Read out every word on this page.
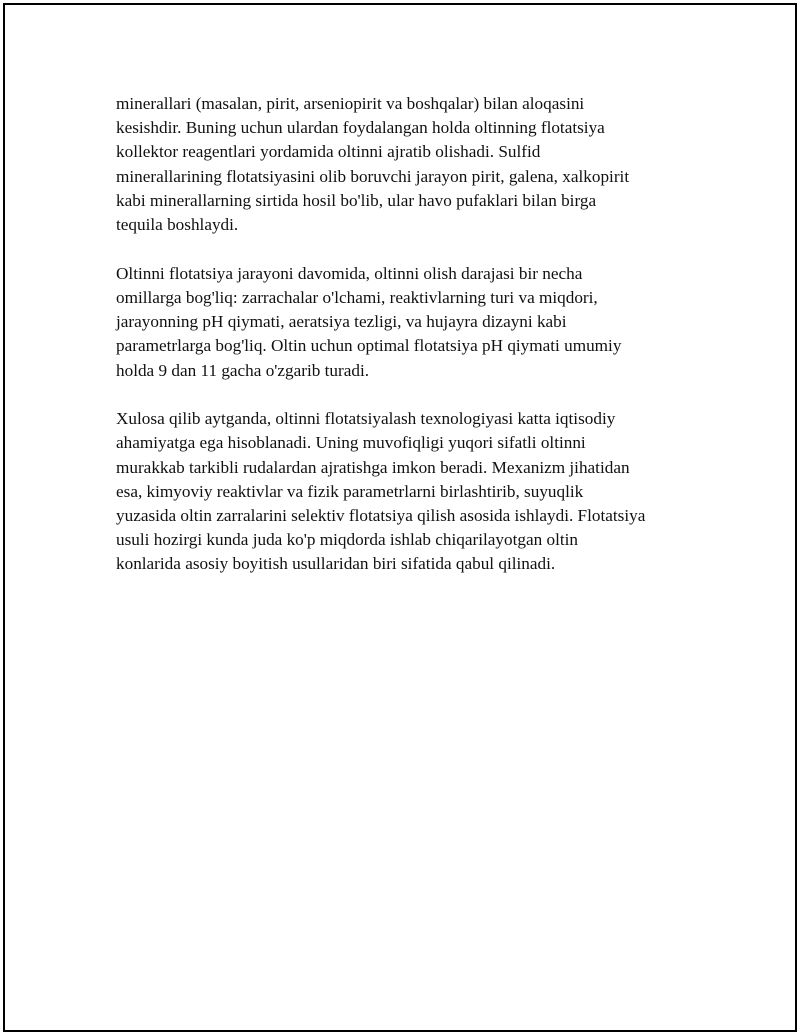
minerallari (masalan, pirit, arseniopirit va boshqalar) bilan aloqasini
kesishdir. Buning uchun ulardan foydalangan holda oltinning flotatsiya
kollektor reagentlari yordamida oltinni ajratib olishadi. Sulfid
minerallarining flotatsiyasini olib boruvchi jarayon pirit, galena, xalkopirit
kabi minerallarning sirtida hosil bo'lib, ular havo pufaklari bilan birga
tequila boshlaydi.

Oltinni flotatsiya jarayoni davomida, oltinni olish darajasi bir necha
omillarga bog'liq: zarrachalar o'lchami, reaktivlarning turi va miqdori,
jarayonning pH qiymati, aeratsiya tezligi, va hujayra dizayni kabi
parametrlarga bog'liq. Oltin uchun optimal flotatsiya pH qiymati umumiy
holda 9 dan 11 gacha o'zgarib turadi.

Xulosa qilib aytganda, oltinni flotatsiyalash texnologiyasi katta iqtisodiy
ahamiyatga ega hisoblanadi. Uning muvofiqligi yuqori sifatli oltinni
murakkab tarkibli rudalardan ajratishga imkon beradi. Mexanizm jihatidan
esa, kimyoviy reaktivlar va fizik parametrlarni birlashtirib, suyuqlik
yuzasida oltin zarralarini selektiv flotatsiya qilish asosida ishlaydi. Flotatsiya
usuli hozirgi kunda juda ko'p miqdorda ishlab chiqarilayotgan oltin
konlarida asosiy boyitish usullaridan biri sifatida qabul qilinadi.
